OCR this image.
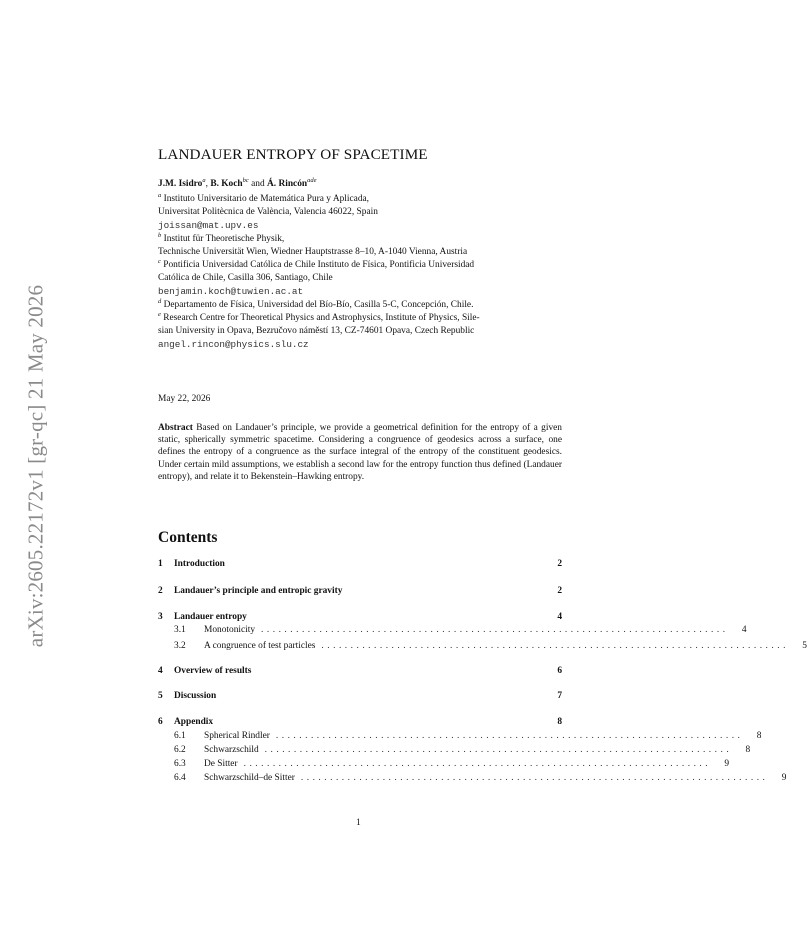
arXiv:2605.22172v1 [gr-qc] 21 May 2026
LANDAUER ENTROPY OF SPACETIME
J.M. Isidro$^a$, B. Koch$^{bc}$ and Á. Rincón$^{ade}$
$^a$ Instituto Universitario de Matemática Pura y Aplicada,
Universitat Politècnica de València, Valencia 46022, Spain
joissan@mat.upv.es
$^b$ Institut für Theoretische Physik,
Technische Universität Wien, Wiedner Hauptstrasse 8–10, A-1040 Vienna, Austria
$^c$ Pontificia Universidad Católica de Chile Instituto de Física, Pontificia Universidad
Católica de Chile, Casilla 306, Santiago, Chile
benjamin.koch@tuwien.ac.at
$^d$ Departamento de Física, Universidad del Bío-Bío, Casilla 5-C, Concepción, Chile.
$^e$ Research Centre for Theoretical Physics and Astrophysics, Institute of Physics, Sile-
sian University in Opava, Bezručovo náměstí 13, CZ-74601 Opava, Czech Republic
angel.rincon@physics.slu.cz
May 22, 2026
Abstract Based on Landauer’s principle, we provide a geometrical definition for the entropy of a given static, spherically symmetric spacetime. Considering a congruence of geodesics across a surface, one defines the entropy of a congruence as the surface integral of the entropy of the constituent geodesics. Under certain mild assumptions, we establish a second law for the entropy function thus defined (Landauer entropy), and relate it to Bekenstein–Hawking entropy.
Contents
1	Introduction	2
2	Landauer’s principle and entropic gravity	2
3	Landauer entropy	4
3.1	Monotonicity ................................................................................	4
3.2	A congruence of test particles ................................................................................	5
4	Overview of results	6
5	Discussion	7
6	Appendix	8
6.1	Spherical Rindler ................................................................................	8
6.2	Schwarzschild ................................................................................	8
6.3	De Sitter ................................................................................	9
6.4	Schwarzschild–de Sitter ................................................................................	9
1
